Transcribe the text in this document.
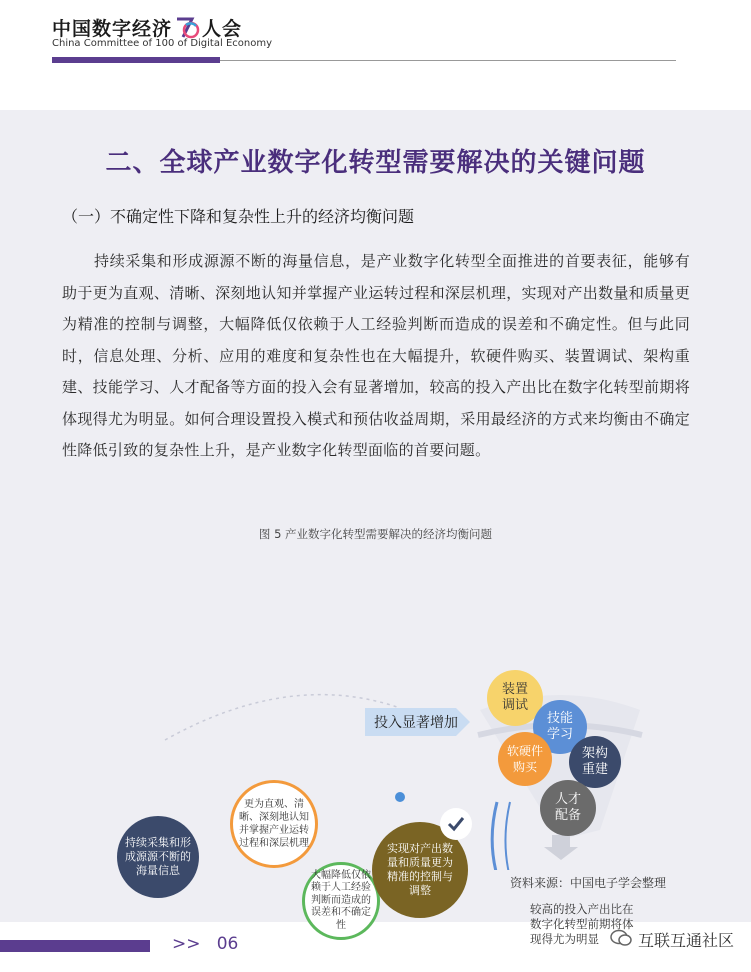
中国数字经济 人会
China Committee of 100 of Digital Economy
二、全球产业数字化转型需要解决的关键问题
（一）不确定性下降和复杂性上升的经济均衡问题
持续采集和形成源源不断的海量信息，是产业数字化转型全面推进的首要表征，能够有助于更为直观、清晰、深刻地认知并掌握产业运转过程和深层机理，实现对产出数量和质量更为精准的控制与调整，大幅降低仅依赖于人工经验判断而造成的误差和不确定性。但与此同时，信息处理、分析、应用的难度和复杂性也在大幅提升，软硬件购买、装置调试、架构重建、技能学习、人才配备等方面的投入会有显著增加，较高的投入产出比在数字化转型前期将体现得尤为明显。如何合理设置投入模式和预估收益周期，采用最经济的方式来均衡由不确定性降低引致的复杂性上升，是产业数字化转型面临的首要问题。
图 5 产业数字化转型需要解决的经济均衡问题
投入显著增加
持续采集和形成源源不断的海量信息
更为直观、清晰、深刻地认知并掌握产业运转过程和深层机理
大幅降低仅依赖于人工经验判断而造成的误差和不确定性
实现对产出数量和质量更为精准的控制与调整
装置调试
技能学习
软硬件购买
架构重建
人才配备
较高的投入产出比在数字化转型前期将体现得尤为明显
资料来源：中国电子学会整理
>> 06	互联互通社区
